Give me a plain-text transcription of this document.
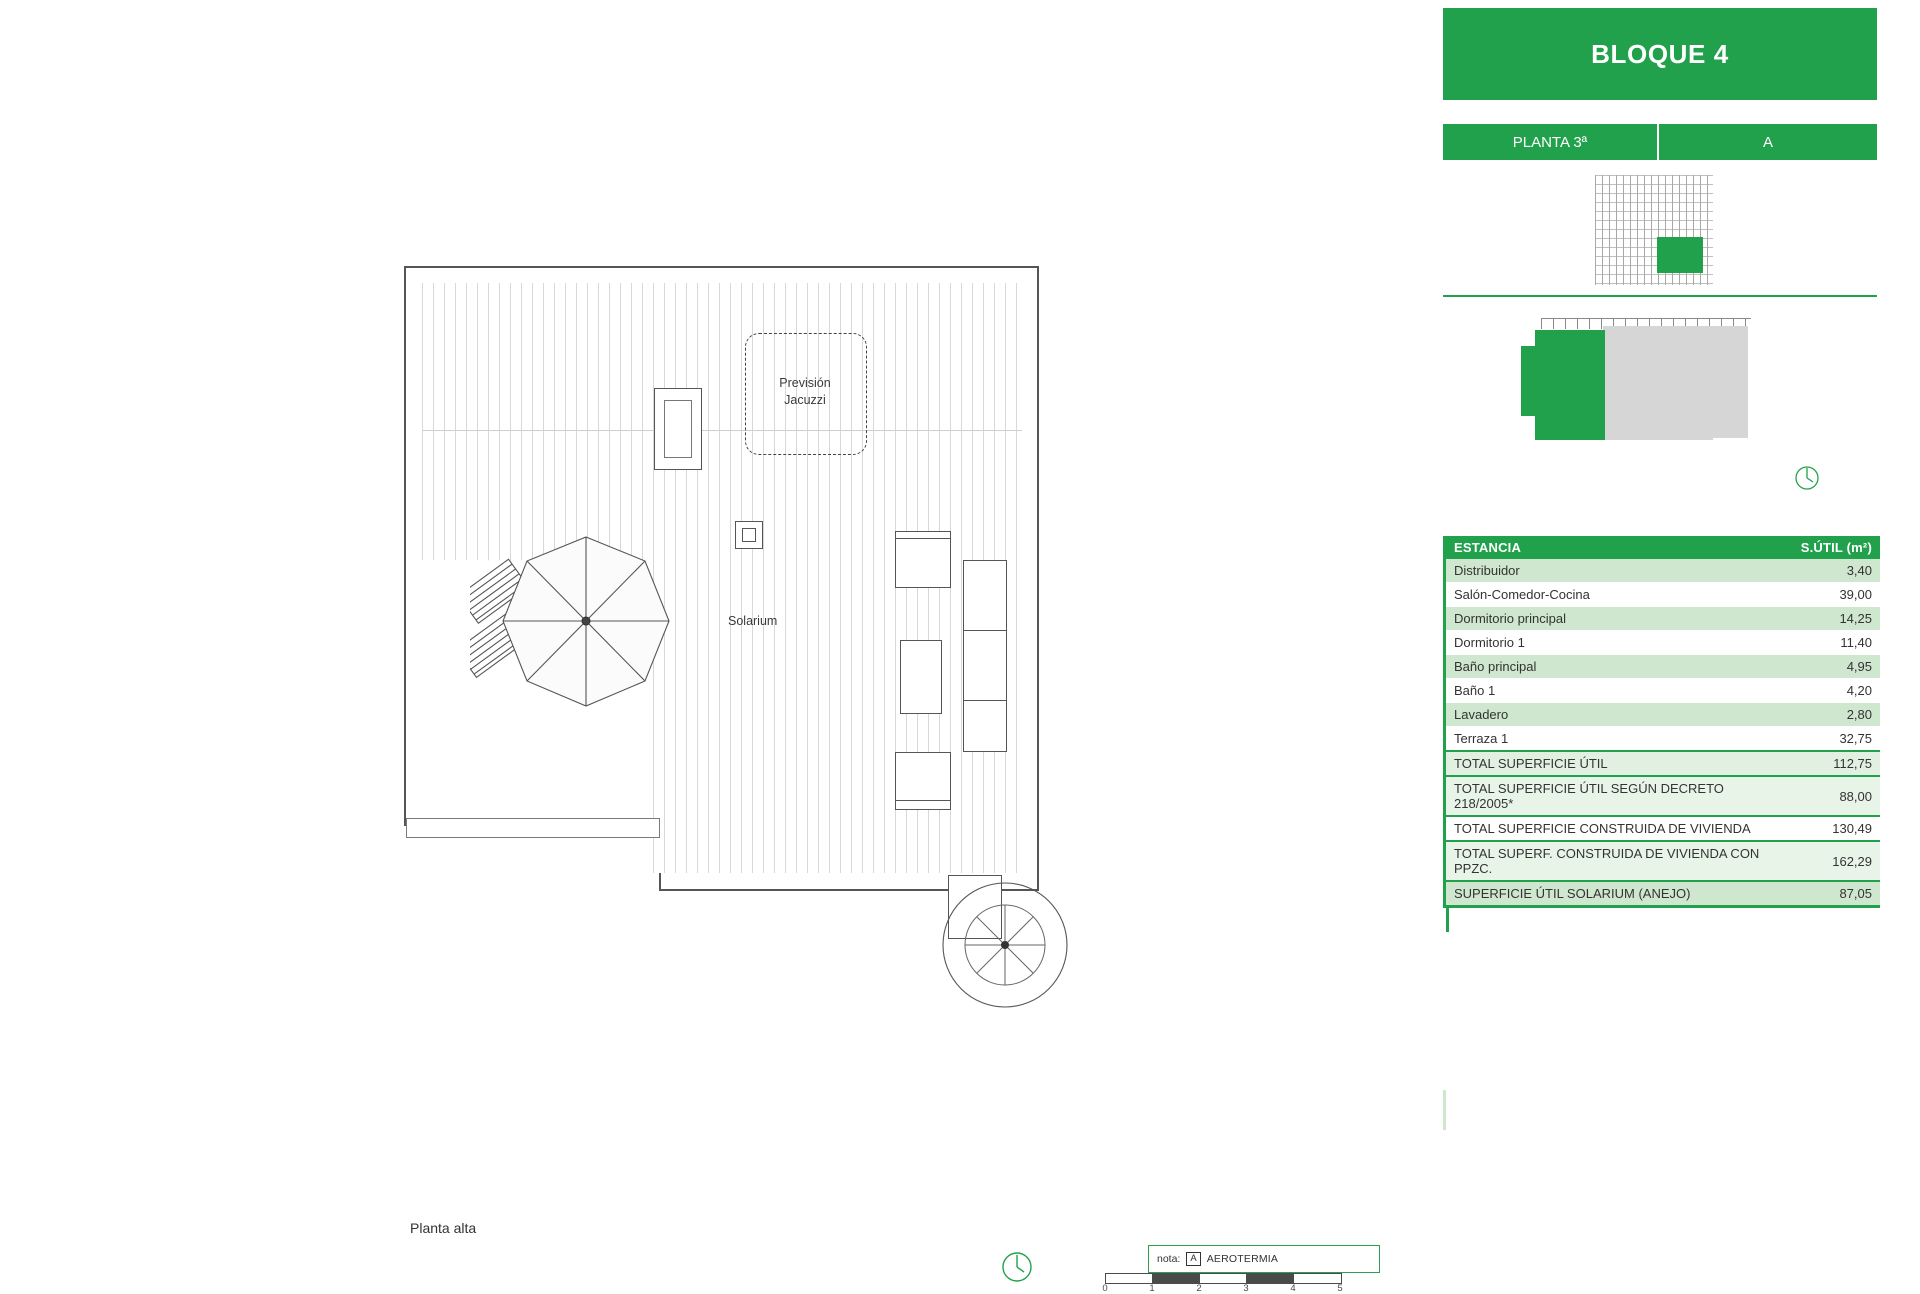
Previsión
Jacuzzi
Solarium
Planta alta
0	1	2	3	4	5
nota:	A AEROTERMIA
BLOQUE 4
PLANTA 3ª	A
ESTANCIA	S.ÚTIL (m²)
Distribuidor	3,40
Salón-Comedor-Cocina	39,00
Dormitorio principal	14,25
Dormitorio 1	11,40
Baño principal	4,95
Baño 1	4,20
Lavadero	2,80
Terraza 1	32,75
TOTAL SUPERFICIE ÚTIL	112,75
TOTAL SUPERFICIE ÚTIL SEGÚN DECRETO 218/2005*	88,00
TOTAL SUPERFICIE CONSTRUIDA DE VIVIENDA	130,49
TOTAL SUPERF. CONSTRUIDA DE VIVIENDA CON PPZC.	162,29
SUPERFICIE ÚTIL SOLARIUM (ANEJO)	87,05
